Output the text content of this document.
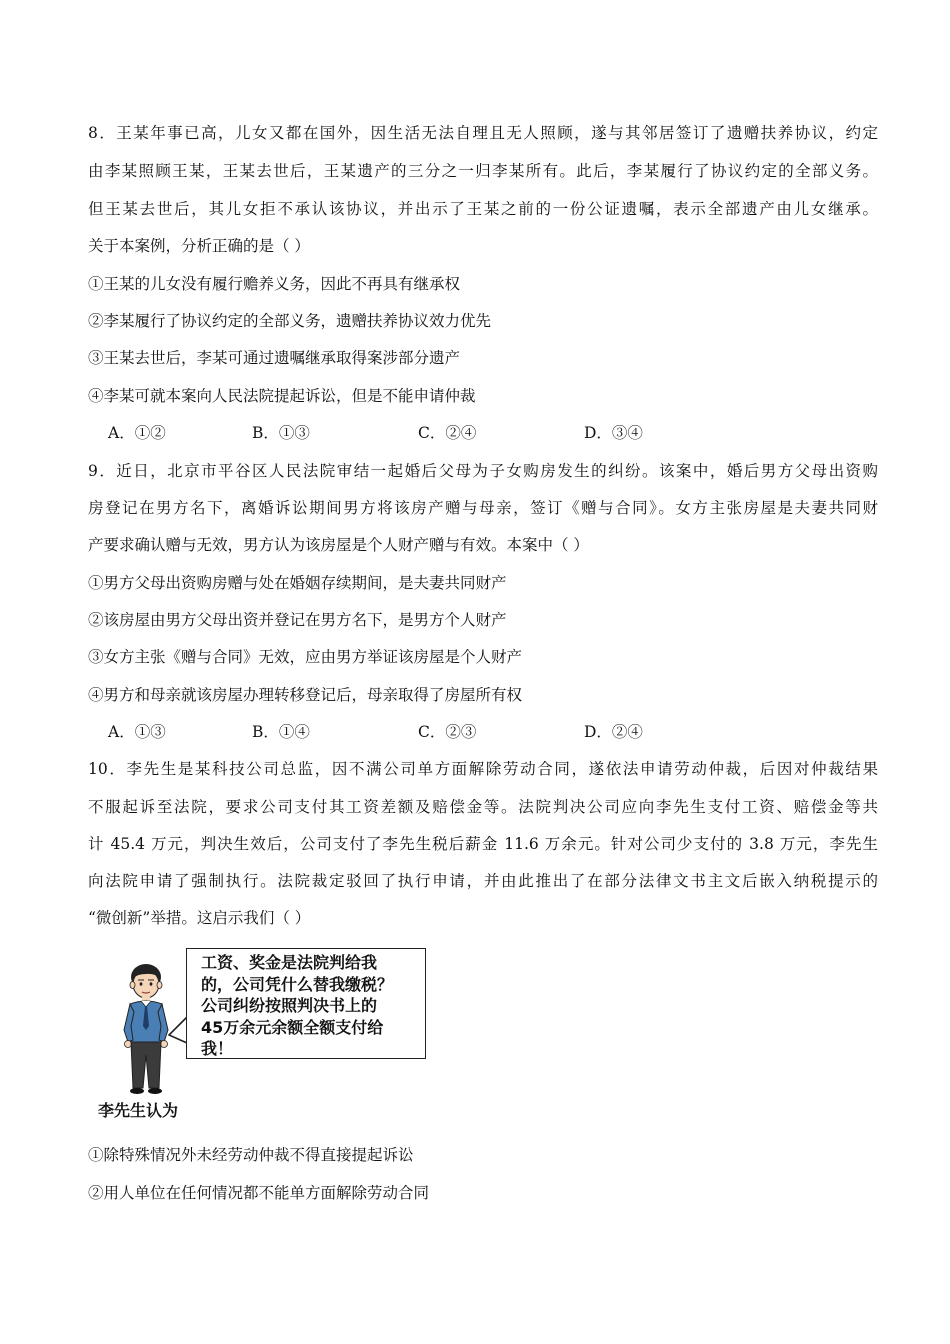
8．王某年事已高，儿女又都在国外，因生活无法自理且无人照顾，遂与其邻居签订了遗赠扶养协议，约定
由李某照顾王某，王某去世后，王某遗产的三分之一归李某所有。此后，李某履行了协议约定的全部义务。
但王某去世后，其儿女拒不承认该协议，并出示了王某之前的一份公证遗嘱，表示全部遗产由儿女继承。
关于本案例，分析正确的是（ ）
①王某的儿女没有履行赡养义务，因此不再具有继承权
②李某履行了协议约定的全部义务，遗赠扶养协议效力优先
③王某去世后，李某可通过遗嘱继承取得案涉部分遗产
④李某可就本案向人民法院提起诉讼，但是不能申请仲裁
A．①②	B．①③	C．②④	D．③④
9．近日，北京市平谷区人民法院审结一起婚后父母为子女购房发生的纠纷。该案中，婚后男方父母出资购
房登记在男方名下，离婚诉讼期间男方将该房产赠与母亲，签订《赠与合同》。女方主张房屋是夫妻共同财
产要求确认赠与无效，男方认为该房屋是个人财产赠与有效。本案中（ ）
①男方父母出资购房赠与处在婚姻存续期间，是夫妻共同财产
②该房屋由男方父母出资并登记在男方名下，是男方个人财产
③女方主张《赠与合同》无效，应由男方举证该房屋是个人财产
④男方和母亲就该房屋办理转移登记后，母亲取得了房屋所有权
A．①③	B．①④	C．②③	D．②④
10．李先生是某科技公司总监，因不满公司单方面解除劳动合同，遂依法申请劳动仲裁，后因对仲裁结果
不服起诉至法院，要求公司支付其工资差额及赔偿金等。法院判决公司应向李先生支付工资、赔偿金等共
计 45.4 万元，判决生效后，公司支付了李先生税后薪金 11.6 万余元。针对公司少支付的 3.8 万元，李先生
向法院申请了强制执行。法院裁定驳回了执行申请，并由此推出了在部分法律文书主文后嵌入纳税提示的
“微创新”举措。这启示我们（ ）
工资、奖金是法院判给我
的，公司凭什么替我缴税？
公司纠纷按照判决书上的
45万余元余额全额支付给
我！
李先生认为
①除特殊情况外未经劳动仲裁不得直接提起诉讼
②用人单位在任何情况都不能单方面解除劳动合同
